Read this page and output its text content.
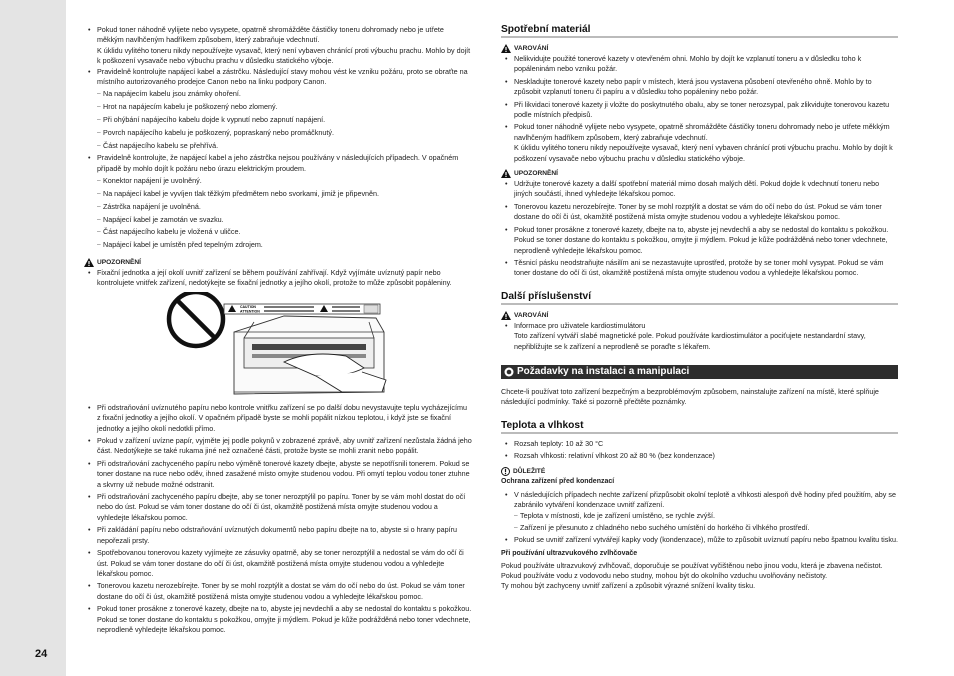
24
• Pokud toner náhodně vylijete nebo vysypete, opatrně shromážděte částičky toneru dohromady nebo je utřete měkkým navlhčeným hadříkem způsobem, který zabraňuje vdechnutí.
K úklidu vylitého toneru nikdy nepoužívejte vysavač, který není vybaven chránící proti výbuchu prachu. Mohlo by dojít k poškození vysavače nebo výbuchu prachu v důsledku statického výboje.
• Pravidelně kontrolujte napájecí kabel a zástrčku. Následující stavy mohou vést ke vzniku požáru, proto se obraťte na místního autorizovaného prodejce Canon nebo na linku podpory Canon.
– Na napájecím kabelu jsou známky ohoření.
– Hrot na napájecím kabelu je poškozený nebo zlomený.
– Při ohýbání napájecího kabelu dojde k vypnutí nebo zapnutí napájení.
– Povrch napájecího kabelu je poškozený, popraskaný nebo promáčknutý.
– Část napájecího kabelu se přehřívá.
• Pravidelně kontrolujte, že napájecí kabel a jeho zástrčka nejsou používány v následujících případech. V opačném případě by mohlo dojít k požáru nebo úrazu elektrickým proudem.
– Konektor napájení je uvolněný.
– Na napájecí kabel je vyvíjen tlak těžkým předmětem nebo svorkami, jimiž je připevněn.
– Zástrčka napájení je uvolněná.
– Napájecí kabel je zamotán ve svazku.
– Část napájecího kabelu je vložená v uličce.
– Napájecí kabel je umístěn před tepelným zdrojem.
UPOZORNĚNÍ
• Fixační jednotka a její okolí uvnitř zařízení se během používání zahřívají. Když vyjímáte uvíznutý papír nebo kontrolujete vnitřek zařízení, nedotýkejte se fixační jednotky a jejího okolí, protože to může způsobit popáleniny.
CAUTION
ATTENTION
• Při odstraňování uvíznutého papíru nebo kontrole vnitřku zařízení se po další dobu nevystavujte teplu vycházejícímu z fixační jednotky a jejího okolí. V opačném případě byste se mohli popálit nízkou teplotou, i když jste se fixační jednotky a jejího okolí nedotkli přímo.
• Pokud v zařízení uvízne papír, vyjměte jej podle pokynů v zobrazené zprávě, aby uvnitř zařízení nezůstala žádná jeho část. Nedotýkejte se také rukama jiné než označené části, protože byste se mohli zranit nebo popálit.
• Při odstraňování zachyceného papíru nebo výměně tonerové kazety dbejte, abyste se nepotřísnili tonerem. Pokud se toner dostane na ruce nebo oděv, ihned zasažené místo omyjte studenou vodou. Při omytí teplou vodou toner ztuhne a skvrny už nebude možné odstranit.
• Při odstraňování zachyceného papíru dbejte, aby se toner nerozptýlil po papíru. Toner by se vám mohl dostat do očí nebo do úst. Pokud se vám toner dostane do očí či úst, okamžitě postižená místa omyjte studenou vodou a vyhledejte lékařskou pomoc.
• Při zakládání papíru nebo odstraňování uvíznutých dokumentů nebo papíru dbejte na to, abyste si o hrany papíru nepořezali prsty.
• Spotřebovanou tonerovou kazety vyjímejte ze zásuvky opatrně, aby se toner nerozptýlil a nedostal se vám do očí či úst. Pokud se vám toner dostane do očí či úst, okamžitě postižená místa omyjte studenou vodou a vyhledejte lékařskou pomoc.
• Tonerovou kazetu nerozebírejte. Toner by se mohl rozptýlit a dostat se vám do očí nebo do úst. Pokud se vám toner dostane do očí či úst, okamžitě postižená místa omyjte studenou vodou a vyhledejte lékařskou pomoc.
• Pokud toner prosákne z tonerové kazety, dbejte na to, abyste jej nevdechli a aby se nedostal do kontaktu s pokožkou. Pokud se toner dostane do kontaktu s pokožkou, omyjte ji mýdlem. Pokud je kůže podrážděná nebo toner vdechnete, neprodleně vyhledejte lékařskou pomoc.
Spotřební materiál
VAROVÁNÍ
• Nelikvidujte použité tonerové kazety v otevřeném ohni. Mohlo by dojít ke vzplanutí toneru a v důsledku toho k popáleninám nebo vzniku požár.
• Neskladujte tonerové kazety nebo papír v místech, která jsou vystavena působení otevřeného ohně. Mohlo by to způsobit vzplanutí toneru či papíru a v důsledku toho popáleniny nebo požár.
• Při likvidaci tonerové kazety ji vložte do poskytnutého obalu, aby se toner nerozsypal, pak zlikvidujte tonerovou kazetu podle místních předpisů.
• Pokud toner náhodně vylijete nebo vysypete, opatrně shromážděte částičky toneru dohromady nebo je utřete měkkým navlhčeným hadříkem způsobem, který zabraňuje vdechnutí.
K úklidu vylitého toneru nikdy nepoužívejte vysavač, který není vybaven chránící proti výbuchu prachu. Mohlo by dojít k poškození vysavače nebo výbuchu prachu v důsledku statického výboje.
UPOZORNĚNÍ
• Udržujte tonerové kazety a další spotřební materiál mimo dosah malých dětí. Pokud dojde k vdechnutí toneru nebo jiných součástí, ihned vyhledejte lékařskou pomoc.
• Tonerovou kazetu nerozebírejte. Toner by se mohl rozptýlit a dostat se vám do očí nebo do úst. Pokud se vám toner dostane do očí či úst, okamžitě postižená místa omyjte studenou vodou a vyhledejte lékařskou pomoc.
• Pokud toner prosákne z tonerové kazety, dbejte na to, abyste jej nevdechli a aby se nedostal do kontaktu s pokožkou. Pokud se toner dostane do kontaktu s pokožkou, omyjte ji mýdlem. Pokud je kůže podrážděná nebo toner vdechnete, neprodleně vyhledejte lékařskou pomoc.
• Těsnicí pásku neodstraňujte násilím ani se nezastavujte uprostřed, protože by se toner mohl vysypat. Pokud se vám toner dostane do očí či úst, okamžitě postižená místa omyjte studenou vodou a vyhledejte lékařskou pomoc.
Další příslušenství
VAROVÁNÍ
• Informace pro uživatele kardiostimulátoru
Toto zařízení vytváří slabé magnetické pole. Pokud používáte kardiostimulátor a pociťujete nestandardní stavy, nepřibližujte se k zařízení a neprodleně se poraďte s lékařem.
Požadavky na instalaci a manipulaci

Chcete-li používat toto zařízení bezpečným a bezproblémovým způsobem, nainstalujte zařízení na místě, které splňuje následující podmínky. Také si pozorně přečtěte poznámky.

Teplota a vlhkost
• Rozsah teploty: 10 až 30 °C
• Rozsah vlhkosti: relativní vlhkost 20 až 80 % (bez kondenzace)
DŮLEŽITÉ

Ochrana zařízení před kondenzací

• V následujících případech nechte zařízení přizpůsobit okolní teplotě a vlhkosti alespoň dvě hodiny před použitím, aby se zabránilo vytváření kondenzace uvnitř zařízení.
– Teplota v místnosti, kde je zařízení umístěno, se rychle zvýší.
– Zařízení je přesunuto z chladného nebo suchého umístění do horkého či vlhkého prostředí.
• Pokud se uvnitř zařízení vytvářejí kapky vody (kondenzace), může to způsobit uvíznutí papíru nebo špatnou kvalitu tisku.

Při používání ultrazvukového zvlhčovače

Pokud používáte ultrazvukový zvlhčovač, doporučuje se používat vyčištěnou nebo jinou vodu, která je zbavena nečistot.

Pokud používáte vodu z vodovodu nebo studny, mohou být do okolního vzduchu uvolňovány nečistoty.
Ty mohou být zachyceny uvnitř zařízení a způsobit výrazné snížení kvality tisku.
